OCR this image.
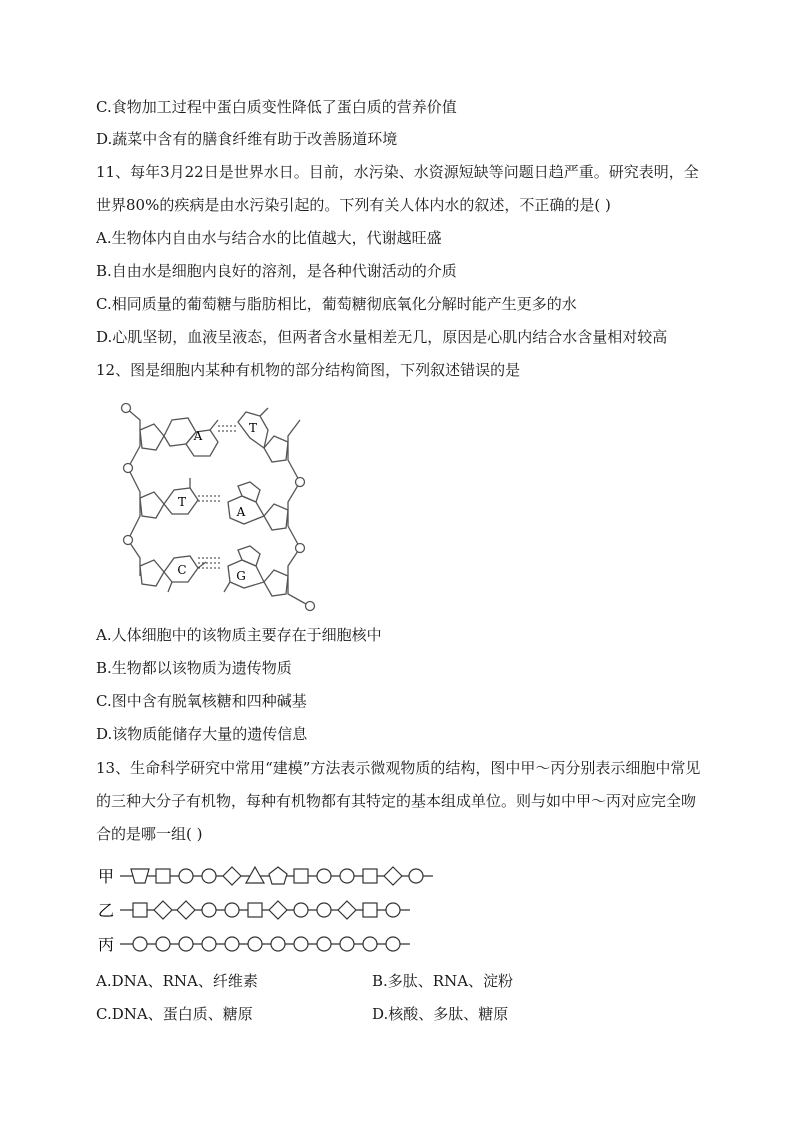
C.食物加工过程中蛋白质变性降低了蛋白质的营养价值
D.蔬菜中含有的膳食纤维有助于改善肠道环境
11、每年3月22日是世界水日。目前，水污染、水资源短缺等问题日趋严重。研究表明，全
世界80%的疾病是由水污染引起的。下列有关人体内水的叙述，不正确的是( )
A.生物体内自由水与结合水的比值越大，代谢越旺盛
B.自由水是细胞内良好的溶剂，是各种代谢活动的介质
C.相同质量的葡萄糖与脂肪相比，葡萄糖彻底氧化分解时能产生更多的水
D.心肌坚韧，血液呈液态，但两者含水量相差无几，原因是心肌内结合水含量相对较高
12、图是细胞内某种有机物的部分结构简图，下列叙述错误的是
A
T
T
A
C	G
A.人体细胞中的该物质主要存在于细胞核中
B.生物都以该物质为遗传物质
C.图中含有脱氧核糖和四种碱基
D.该物质能储存大量的遗传信息
13、生命科学研究中常用“建模”方法表示微观物质的结构，图中甲～丙分别表示细胞中常见
的三种大分子有机物，每种有机物都有其特定的基本组成单位。则与如中甲～丙对应完全吻
合的是哪一组( )
甲
乙
丙
A.DNA、RNA、纤维素	B.多肽、RNA、淀粉
C.DNA、蛋白质、糖原	D.核酸、多肽、糖原
